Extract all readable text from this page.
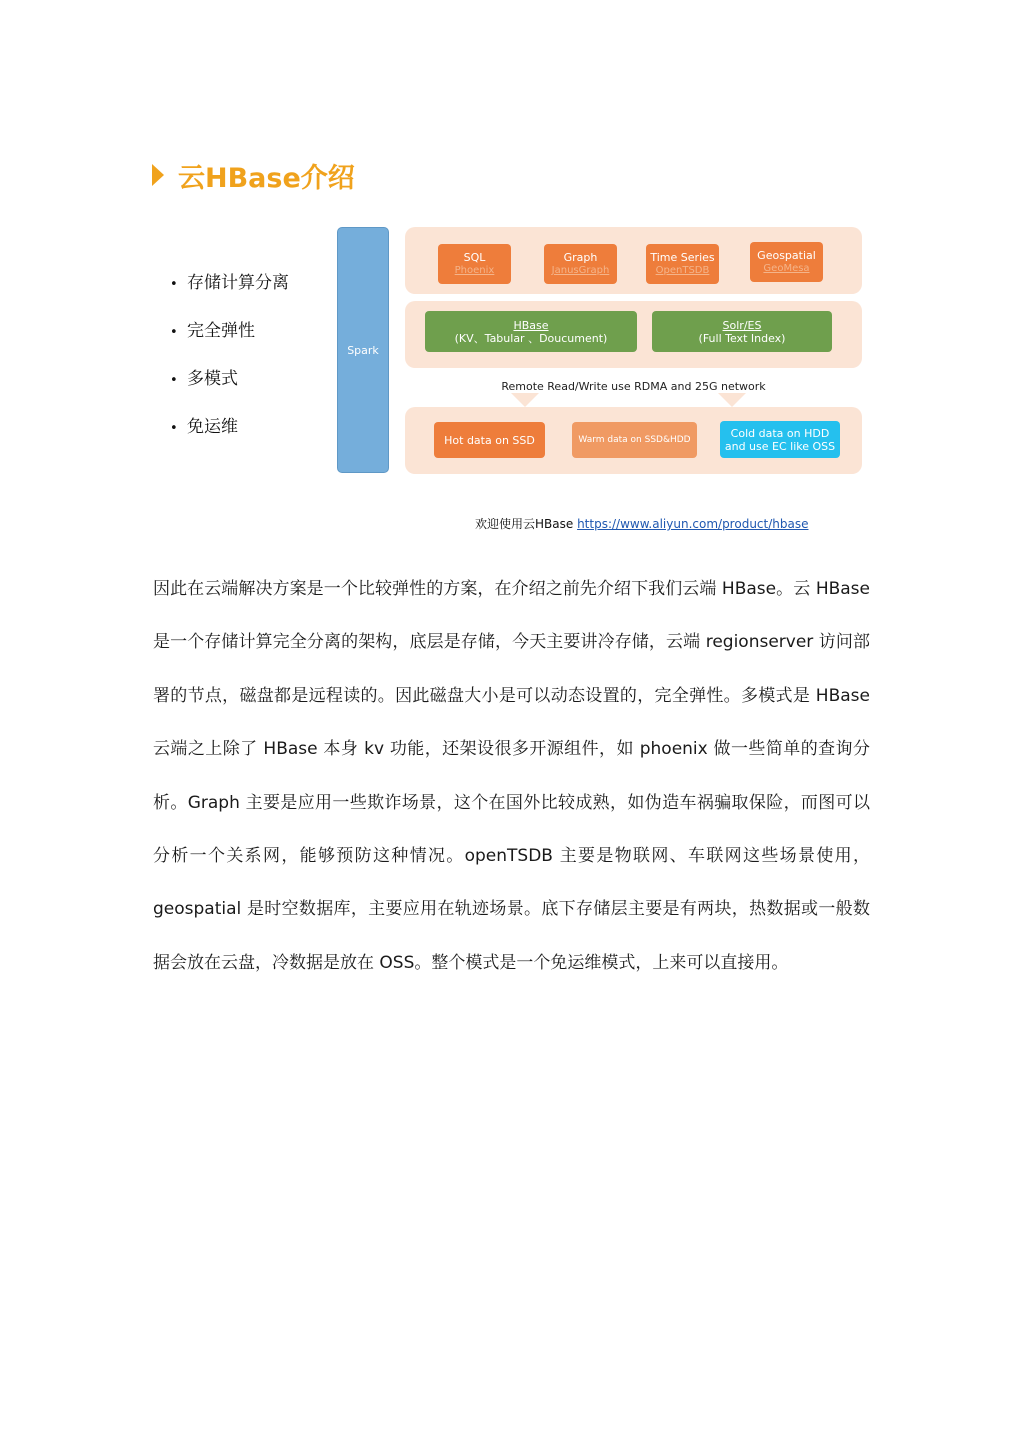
云HBase介绍
• 存储计算分离
• 完全弹性
• 多模式
• 免运维
Spark
SQL
Phoenix
Graph
JanusGraph
Time Series
OpenTSDB
Geospatial
GeoMesa
HBase
(KV、Tabular 、Doucument)
Solr/ES
(Full Text Index)
Remote Read/Write use RDMA and 25G network
Hot data on SSD	Warm data on SSD&HDD	Cold data on HDD
and use EC like OSS
欢迎使用云HBase https://www.aliyun.com/product/hbase

因此在云端解决方案是一个比较弹性的方案，在介绍之前先介绍下我们云端 HBase。云 HBase 是一个存储计算完全分离的架构，底层是存储，今天主要讲冷存储，云端 regionserver 访问部署的节点，磁盘都是远程读的。因此磁盘大小是可以动态设置的，完全弹性。多模式是 HBase 云端之上除了 HBase 本身 kv 功能，还架设很多开源组件，如 phoenix 做一些简单的查询分析。Graph 主要是应用一些欺诈场景，这个在国外比较成熟，如伪造车祸骗取保险，而图可以分析一个关系网，能够预防这种情况。openTSDB 主要是物联网、车联网这些场景使用，geospatial 是时空数据库，主要应用在轨迹场景。底下存储层主要是有两块，热数据或一般数据会放在云盘，冷数据是放在 OSS。整个模式是一个免运维模式，上来可以直接用。
